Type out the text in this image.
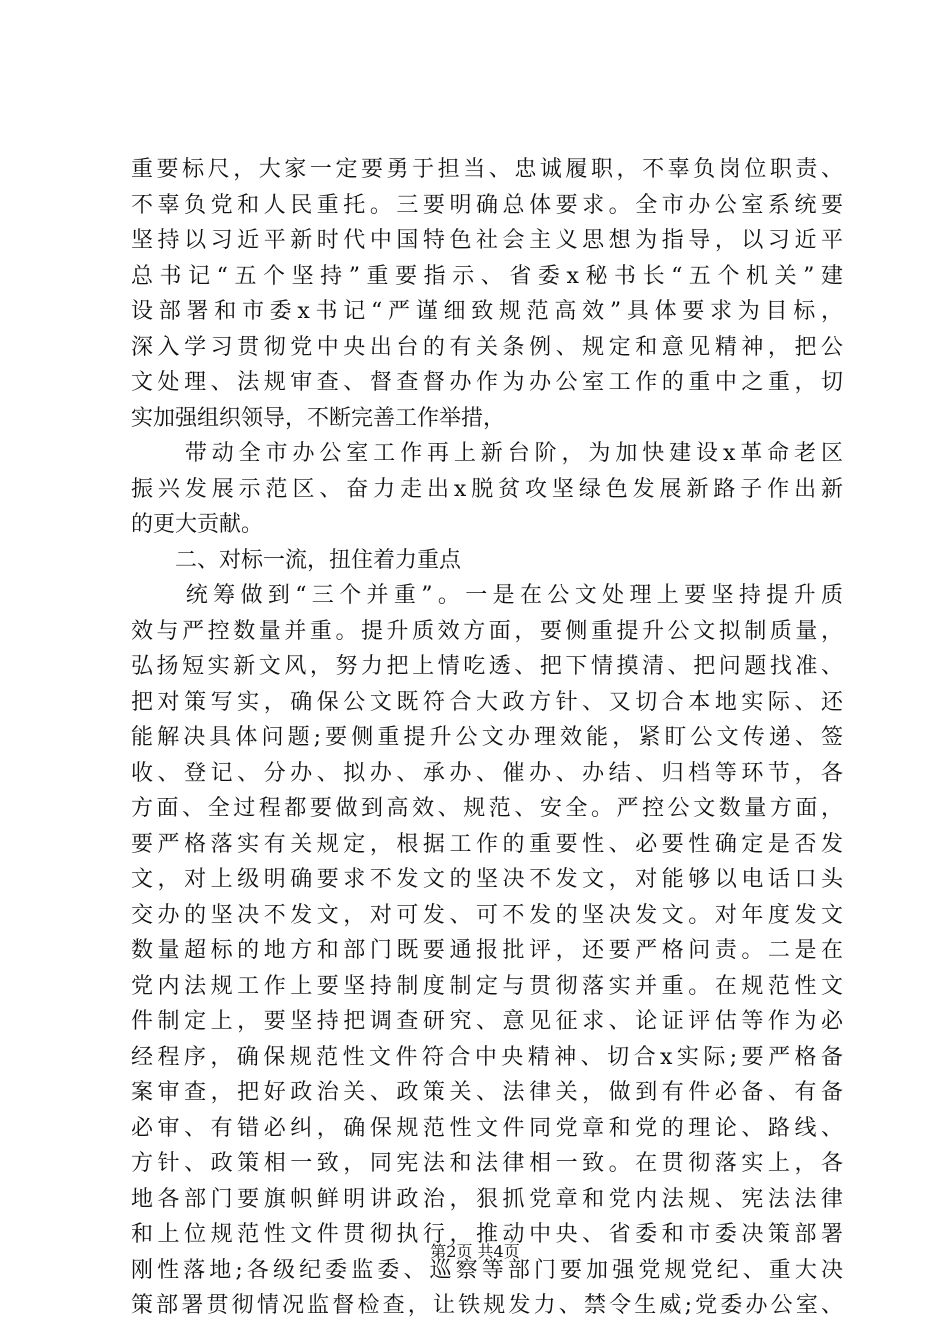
重要标尺，大家一定要勇于担当、忠诚履职，不辜负岗位职责、
不辜负党和人民重托。三要明确总体要求。全市办公室系统要
坚持以习近平新时代中国特色社会主义思想为指导，以习近平
总书记“五个坚持”重要指示、省委x秘书长“五个机关”建
设部署和市委x书记“严谨细致规范高效”具体要求为目标，
深入学习贯彻党中央出台的有关条例、规定和意见精神，把公
文处理、法规审查、督查督办作为办公室工作的重中之重，切
实加强组织领导，不断完善工作举措，
　　带动全市办公室工作再上新台阶，为加快建设x革命老区
振兴发展示范区、奋力走出x脱贫攻坚绿色发展新路子作出新
的更大贡献。
　　二、对标一流，扭住着力重点
　　统筹做到“三个并重”。一是在公文处理上要坚持提升质
效与严控数量并重。提升质效方面，要侧重提升公文拟制质量，
弘扬短实新文风，努力把上情吃透、把下情摸清、把问题找准、
把对策写实，确保公文既符合大政方针、又切合本地实际、还
能解决具体问题;要侧重提升公文办理效能，紧盯公文传递、签
收、登记、分办、拟办、承办、催办、办结、归档等环节，各
方面、全过程都要做到高效、规范、安全。严控公文数量方面，
要严格落实有关规定，根据工作的重要性、必要性确定是否发
文，对上级明确要求不发文的坚决不发文，对能够以电话口头
交办的坚决不发文，对可发、可不发的坚决发文。对年度发文
数量超标的地方和部门既要通报批评，还要严格问责。二是在
党内法规工作上要坚持制度制定与贯彻落实并重。在规范性文
件制定上，要坚持把调查研究、意见征求、论证评估等作为必
经程序，确保规范性文件符合中央精神、切合x实际;要严格备
案审查，把好政治关、政策关、法律关，做到有件必备、有备
必审、有错必纠，确保规范性文件同党章和党的理论、路线、
方针、政策相一致，同宪法和法律相一致。在贯彻落实上，各
地各部门要旗帜鲜明讲政治，狠抓党章和党内法规、宪法法律
和上位规范性文件贯彻执行，推动中央、省委和市委决策部署
刚性落地;各级纪委监委、巡察等部门要加强党规党纪、重大决
策部署贯彻情况监督检查，让铁规发力、禁令生威;党委办公室、
第2页 共4页
